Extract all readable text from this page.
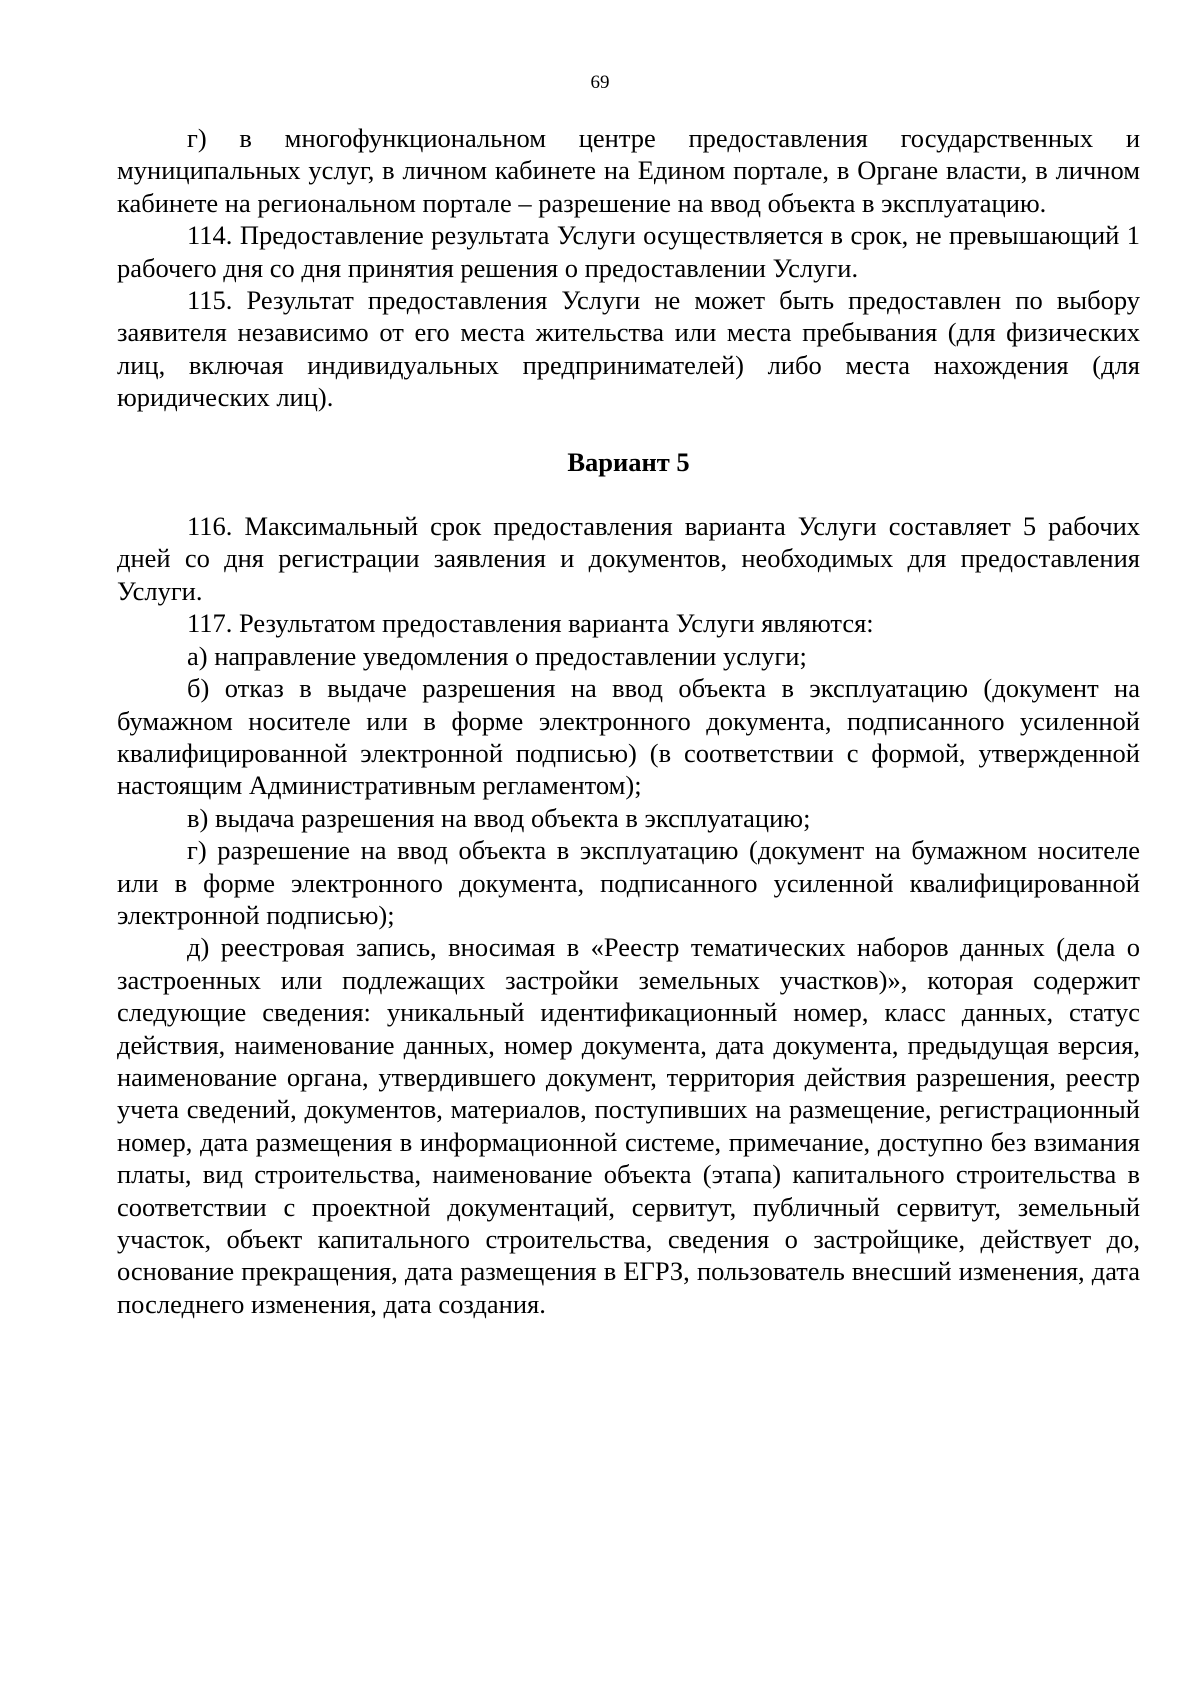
69

г) в многофункциональном центре предоставления государственных и муниципальных услуг, в личном кабинете на Едином портале, в Органе власти, в личном кабинете на региональном портале – разрешение на ввод объекта в эксплуатацию.

114. Предоставление результата Услуги осуществляется в срок, не превышающий 1 рабочего дня со дня принятия решения о предоставлении Услуги.

115. Результат предоставления Услуги не может быть предоставлен по выбору заявителя независимо от его места жительства или места пребывания (для физических лиц, включая индивидуальных предпринимателей) либо места нахождения (для юридических лиц).

Вариант 5

116. Максимальный срок предоставления варианта Услуги составляет 5 рабочих дней со дня регистрации заявления и документов, необходимых для предоставления Услуги.

117. Результатом предоставления варианта Услуги являются:

а) направление уведомления о предоставлении услуги;

б) отказ в выдаче разрешения на ввод объекта в эксплуатацию (документ на бумажном носителе или в форме электронного документа, подписанного усиленной квалифицированной электронной подписью) (в соответствии с формой, утвержденной настоящим Административным регламентом);

в) выдача разрешения на ввод объекта в эксплуатацию;

г) разрешение на ввод объекта в эксплуатацию (документ на бумажном носителе или в форме электронного документа, подписанного усиленной квалифицированной электронной подписью);

д) реестровая запись, вносимая в «Реестр тематических наборов данных (дела о застроенных или подлежащих застройки земельных участков)», которая содержит следующие сведения: уникальный идентификационный номер, класс данных, статус действия, наименование данных, номер документа, дата документа, предыдущая версия, наименование органа, утвердившего документ, территория действия разрешения, реестр учета сведений, документов, материалов, поступивших на размещение, регистрационный номер, дата размещения в информационной системе, примечание, доступно без взимания платы, вид строительства, наименование объекта (этапа) капитального строительства в соответствии с проектной документаций, сервитут, публичный сервитут, земельный участок, объект капитального строительства, сведения о застройщике, действует до, основание прекращения, дата размещения в ЕГРЗ, пользователь внесший изменения, дата последнего изменения, дата создания.
